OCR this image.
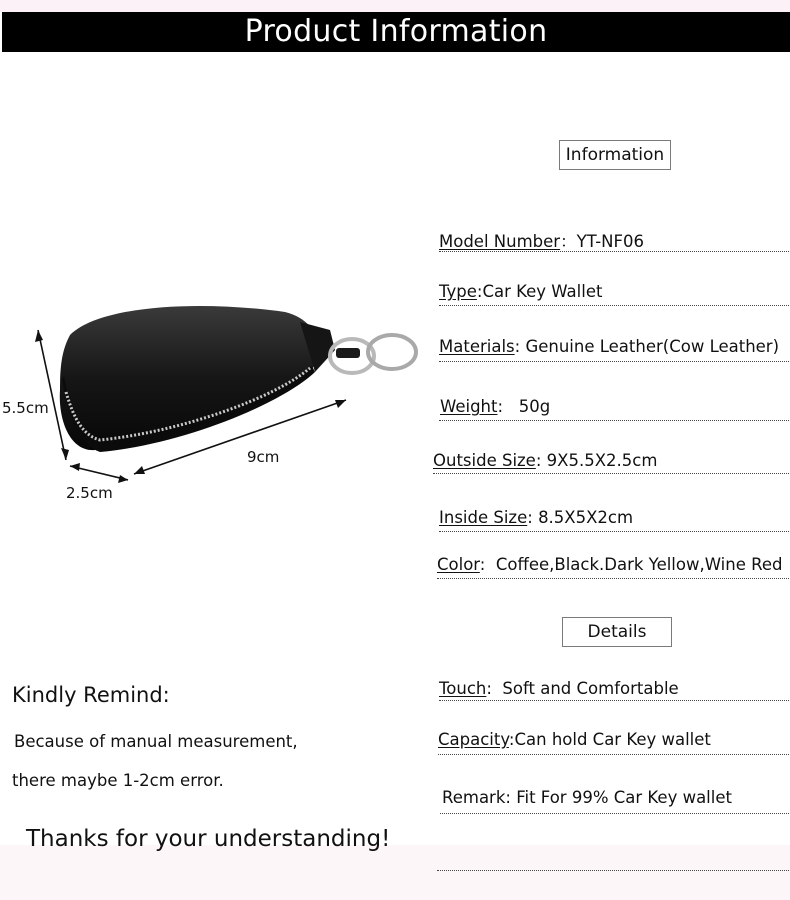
Product Information
5.5cm
9cm
2.5cm
Information
Model Number：YT-NF06
Type:Car Key Wallet
Materials: Genuine Leather(Cow Leather)
Weight:   50g
Outside Size: 9X5.5X2.5cm
Inside Size: 8.5X5X2cm
Color:  Coffee,Black.Dark Yellow,Wine Red
Details
Touch:  Soft and Comfortable
Capacity:Can hold Car Key wallet
Remark: Fit For 99% Car Key wallet
Kindly Remind:
Because of manual measurement,
there maybe 1-2cm error.
Thanks for your understanding!
